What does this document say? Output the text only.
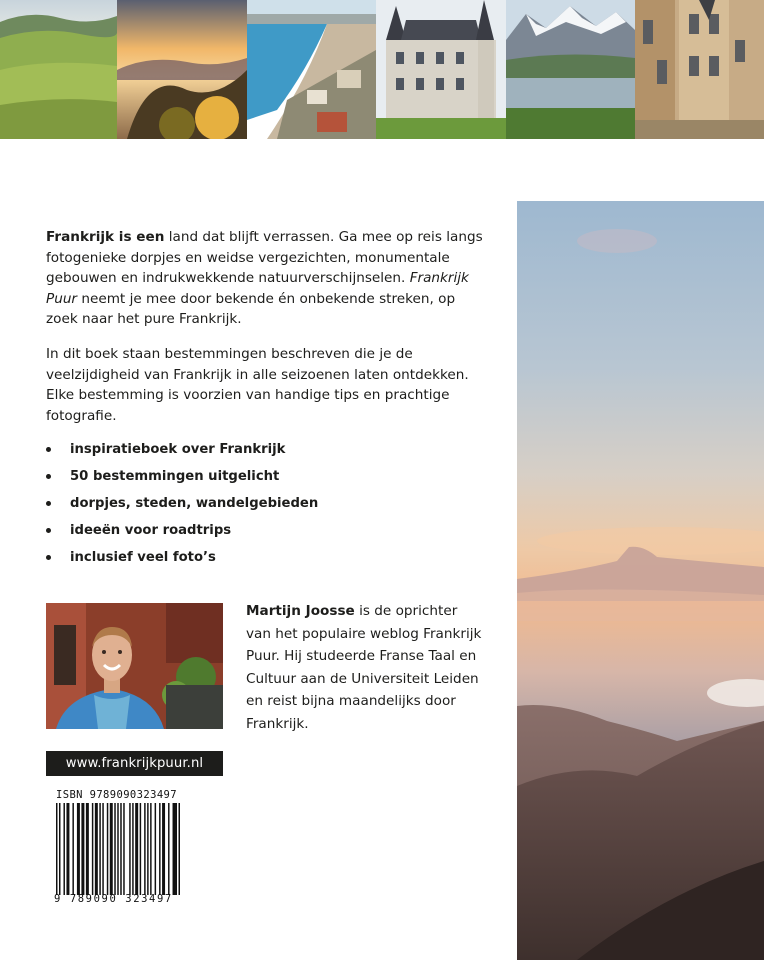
Frankrijk is een land dat blijft verrassen. Ga mee op reis langs fotogenieke dorpjes en weidse vergezichten, monumentale gebouwen en indrukwekkende natuurverschijnselen. Frankrijk Puur neemt je mee door bekende én onbekende streken, op zoek naar het pure Frankrijk.

In dit boek staan bestemmingen beschreven die je de veelzijdigheid van Frankrijk in alle seizoenen laten ontdekken. Elke bestemming is voorzien van handige tips en prachtige fotografie.

inspiratieboek over Frankrijk
50 bestemmingen uitgelicht
dorpjes, steden, wandelgebieden
ideeën voor roadtrips
inclusief veel foto’s

Martijn Joosse is de oprichter van het populaire weblog Frankrijk Puur. Hij studeerde Franse Taal en Cultuur aan de Universiteit Leiden en reist bijna maandelijks door Frankrijk.

www.frankrijkpuur.nl
ISBN 9789090323497
9 789090 323497
